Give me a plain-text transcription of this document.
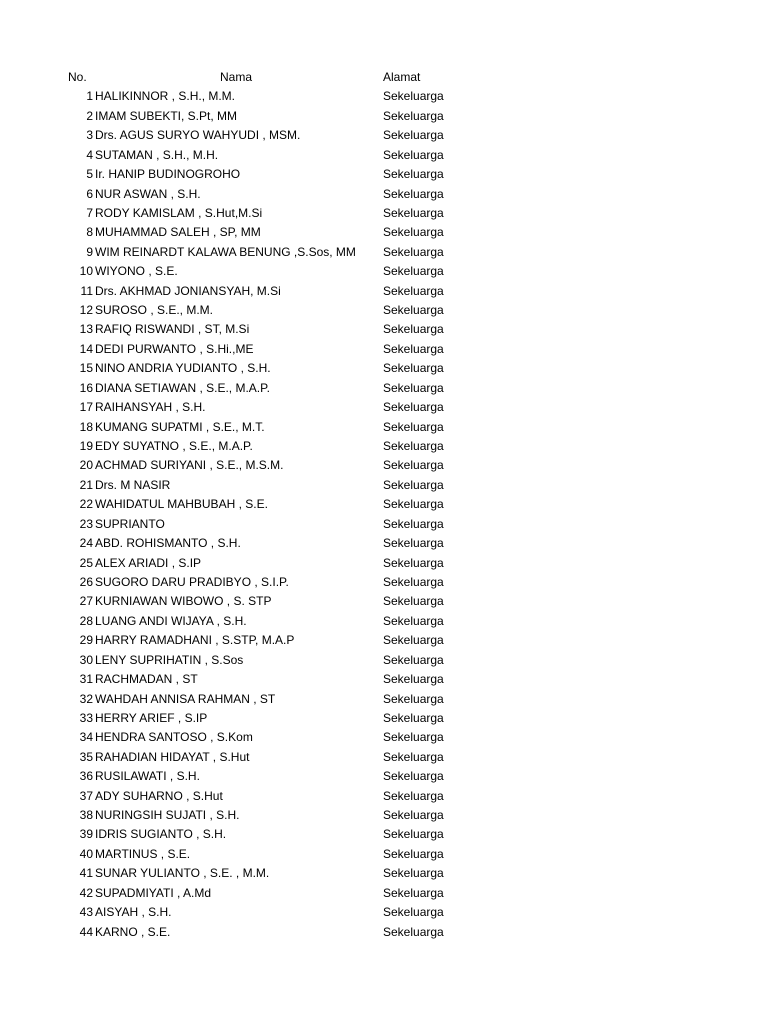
No.	Nama	Alamat
1 HALIKINNOR , S.H., M.M.	Sekeluarga
2 IMAM SUBEKTI, S.Pt, MM	Sekeluarga
3 Drs. AGUS SURYO WAHYUDI , MSM.	Sekeluarga
4 SUTAMAN , S.H., M.H.	Sekeluarga
5 Ir. HANIP BUDINOGROHO	Sekeluarga
6 NUR ASWAN , S.H.	Sekeluarga
7 RODY KAMISLAM , S.Hut,M.Si	Sekeluarga
8 MUHAMMAD SALEH , SP, MM	Sekeluarga
9 WIM REINARDT KALAWA BENUNG ,S.Sos, MM Sekeluarga
10 WIYONO , S.E.	Sekeluarga
11 Drs. AKHMAD JONIANSYAH, M.Si	Sekeluarga
12 SUROSO , S.E., M.M.	Sekeluarga
13 RAFIQ RISWANDI , ST, M.Si	Sekeluarga
14 DEDI PURWANTO , S.Hi.,ME	Sekeluarga
15 NINO ANDRIA YUDIANTO , S.H.	Sekeluarga
16 DIANA SETIAWAN , S.E., M.A.P.	Sekeluarga
17 RAIHANSYAH , S.H.	Sekeluarga
18 KUMANG SUPATMI , S.E., M.T.	Sekeluarga
19 EDY SUYATNO , S.E., M.A.P.	Sekeluarga
20 ACHMAD SURIYANI , S.E., M.S.M.	Sekeluarga
21 Drs. M NASIR	Sekeluarga
22 WAHIDATUL MAHBUBAH , S.E.	Sekeluarga
23 SUPRIANTO	Sekeluarga
24 ABD. ROHISMANTO , S.H.	Sekeluarga
25 ALEX ARIADI , S.IP	Sekeluarga
26 SUGORO DARU PRADIBYO , S.I.P.	Sekeluarga
27 KURNIAWAN WIBOWO , S. STP	Sekeluarga
28 LUANG ANDI WIJAYA , S.H.	Sekeluarga
29 HARRY RAMADHANI , S.STP, M.A.P	Sekeluarga
30 LENY SUPRIHATIN , S.Sos	Sekeluarga
31 RACHMADAN , ST	Sekeluarga
32 WAHDAH ANNISA RAHMAN , ST	Sekeluarga
33 HERRY ARIEF , S.IP	Sekeluarga
34 HENDRA SANTOSO , S.Kom	Sekeluarga
35 RAHADIAN HIDAYAT , S.Hut	Sekeluarga
36 RUSILAWATI , S.H.	Sekeluarga
37 ADY SUHARNO , S.Hut	Sekeluarga
38 NURINGSIH SUJATI , S.H.	Sekeluarga
39 IDRIS SUGIANTO , S.H.	Sekeluarga
40 MARTINUS , S.E.	Sekeluarga
41 SUNAR YULIANTO , S.E. , M.M.	Sekeluarga
42 SUPADMIYATI , A.Md	Sekeluarga
43 AISYAH , S.H.	Sekeluarga
44 KARNO , S.E.	Sekeluarga
